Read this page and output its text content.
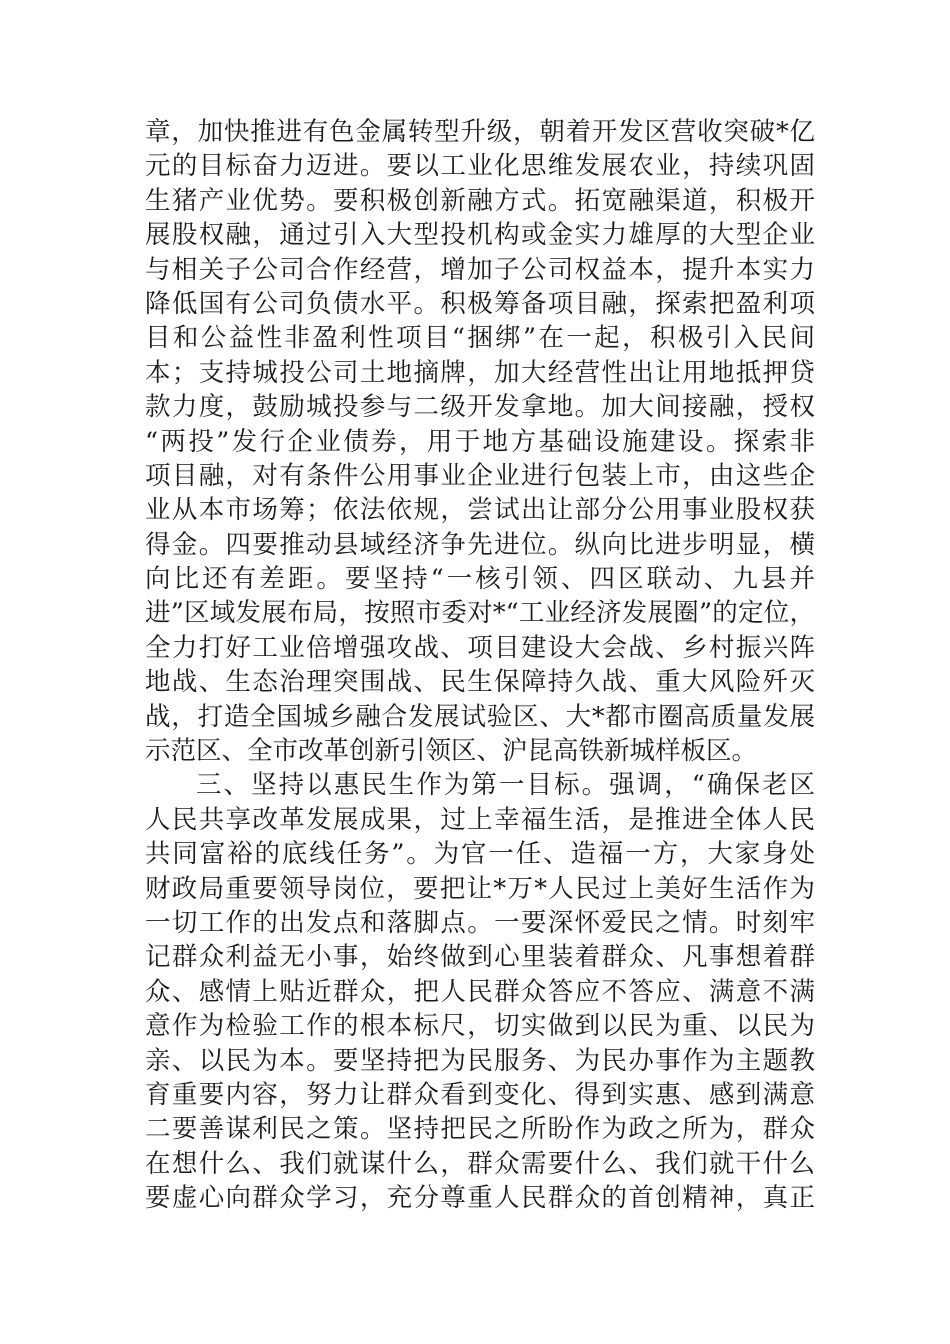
章，加快推进有色金属转型升级，朝着开发区营收突破*亿
元的目标奋力迈进。要以工业化思维发展农业，持续巩固
生猪产业优势。要积极创新融方式。拓宽融渠道，积极开
展股权融，通过引入大型投机构或金实力雄厚的大型企业
与相关子公司合作经营，增加子公司权益本，提升本实力
降低国有公司负债水平。积极筹备项目融，探索把盈利项
目和公益性非盈利性项目“捆绑”在一起，积极引入民间
本；支持城投公司土地摘牌，加大经营性出让用地抵押贷
款力度，鼓励城投参与二级开发拿地。加大间接融，授权
“两投”发行企业债券，用于地方基础设施建设。探索非
项目融，对有条件公用事业企业进行包装上市，由这些企
业从本市场筹；依法依规，尝试出让部分公用事业股权获
得金。四要推动县域经济争先进位。纵向比进步明显，横
向比还有差距。要坚持“一核引领、四区联动、九县并
进”区域发展布局，按照市委对*“工业经济发展圈”的定位，
全力打好工业倍增强攻战、项目建设大会战、乡村振兴阵
地战、生态治理突围战、民生保障持久战、重大风险歼灭
战，打造全国城乡融合发展试验区、大*都市圈高质量发展
示范区、全市改革创新引领区、沪昆高铁新城样板区。
三、坚持以惠民生作为第一目标。强调，“确保老区
人民共享改革发展成果，过上幸福生活，是推进全体人民
共同富裕的底线任务”。为官一任、造福一方，大家身处
财政局重要领导岗位，要把让*万*人民过上美好生活作为
一切工作的出发点和落脚点。一要深怀爱民之情。时刻牢
记群众利益无小事，始终做到心里装着群众、凡事想着群
众、感情上贴近群众，把人民群众答应不答应、满意不满
意作为检验工作的根本标尺，切实做到以民为重、以民为
亲、以民为本。要坚持把为民服务、为民办事作为主题教
育重要内容，努力让群众看到变化、得到实惠、感到满意
二要善谋利民之策。坚持把民之所盼作为政之所为，群众
在想什么、我们就谋什么，群众需要什么、我们就干什么
要虚心向群众学习，充分尊重人民群众的首创精神，真正
